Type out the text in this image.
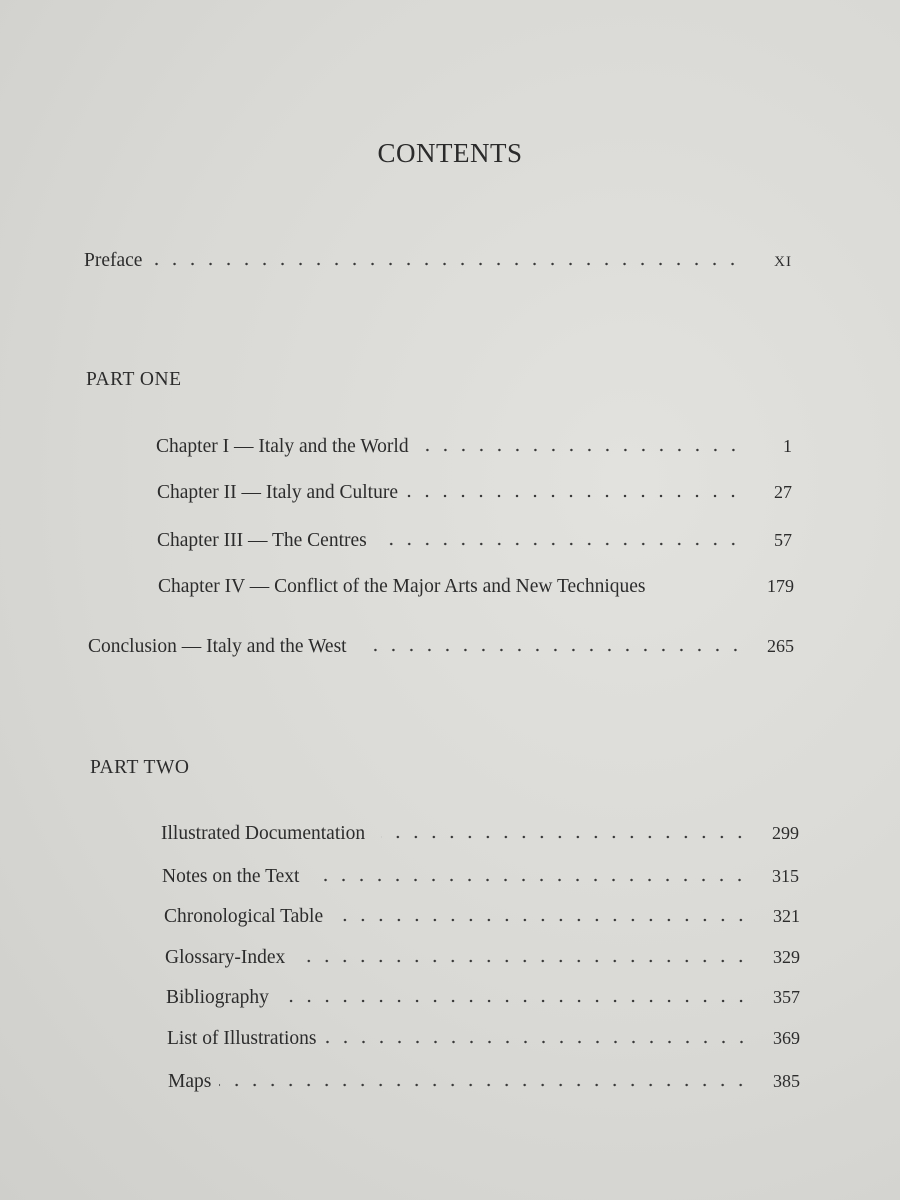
CONTENTS
Preface	XI
PART ONE
Chapter I — Italy and the World	1
Chapter II — Italy and Culture	27
Chapter III — The Centres	57
Chapter IV — Conflict of the Major Arts and New Techniques	179
Conclusion — Italy and the West	265
PART TWO
Illustrated Documentation	299
Notes on the Text	315
Chronological Table	321
Glossary-Index	329
Bibliography	357
List of Illustrations	369
Maps	385
